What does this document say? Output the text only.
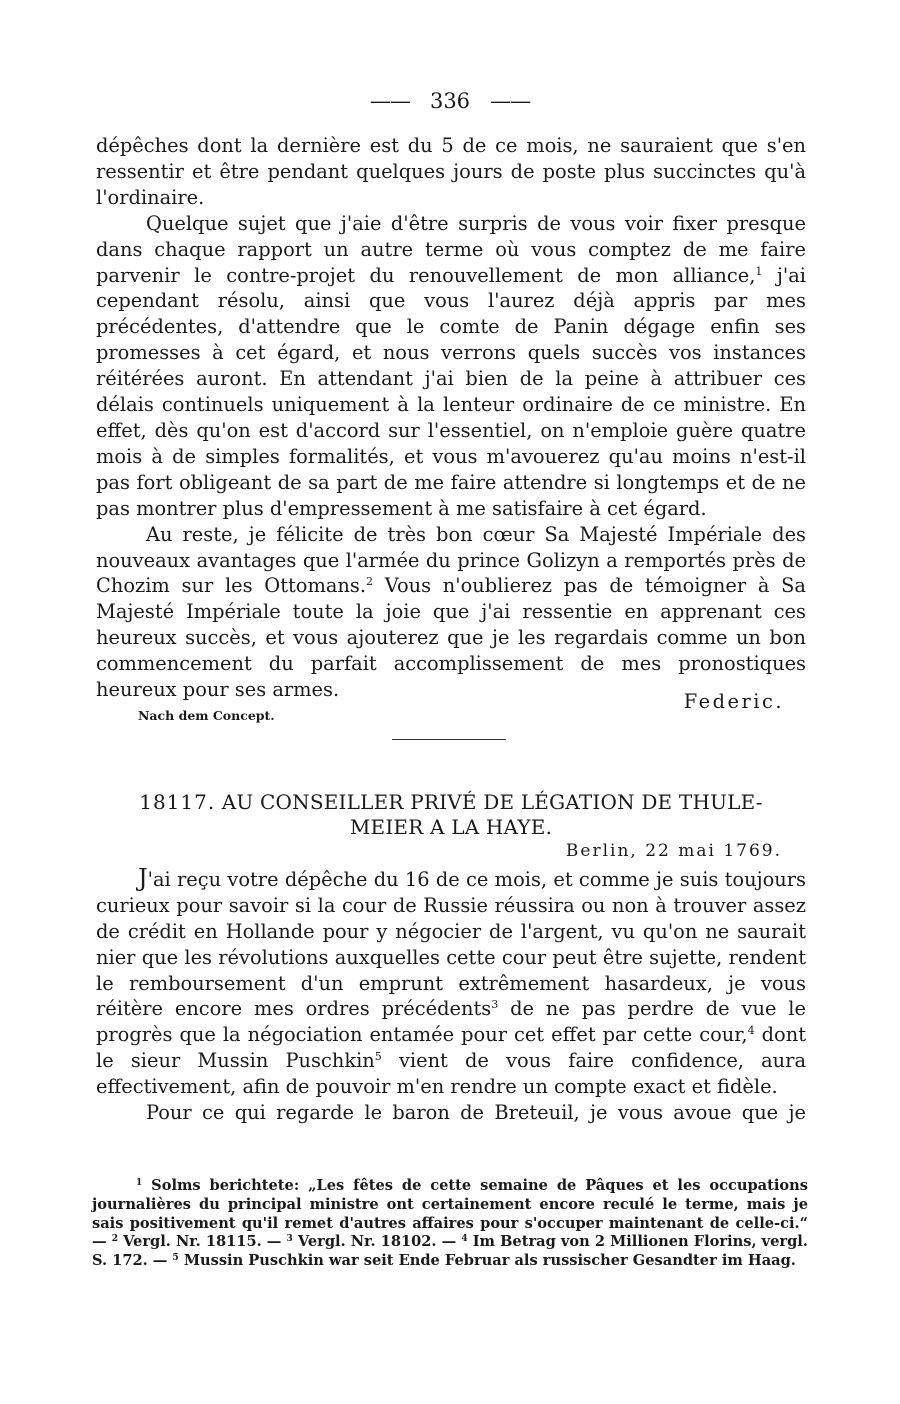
—— 336 ——

dépêches dont la dernière est du 5 de ce mois, ne sauraient que s'en ressentir et être pendant quelques jours de poste plus succinctes qu'à l'ordinaire.

Quelque sujet que j'aie d'être surpris de vous voir fixer presque dans chaque rapport un autre terme où vous comptez de me faire parvenir le contre-projet du renouvellement de mon alliance,$^1$ j'ai cependant résolu, ainsi que vous l'aurez déjà appris par mes précédentes, d'attendre que le comte de Panin dégage enfin ses promesses à cet égard, et nous verrons quels succès vos instances réitérées auront. En attendant j'ai bien de la peine à attribuer ces délais continuels uniquement à la lenteur ordinaire de ce ministre. En effet, dès qu'on est d'accord sur l'essentiel, on n'emploie guère quatre mois à de simples formalités, et vous m'avouerez qu'au moins n'est-il pas fort obligeant de sa part de me faire attendre si longtemps et de ne pas montrer plus d'empressement à me satisfaire à cet égard.

Au reste, je félicite de très bon cœur Sa Majesté Impériale des nouveaux avantages que l'armée du prince Golizyn a remportés près de Chozim sur les Ottomans.$^2$ Vous n'oublierez pas de témoigner à Sa Majesté Impériale toute la joie que j'ai ressentie en apprenant ces heureux succès, et vous ajouterez que je les regardais comme un bon commencement du parfait accomplissement de mes pronostiques heureux pour ses armes.

Federic.
Nach dem Concept.
18117. AU CONSEILLER PRIVÉ DE LÉGATION DE THULE-
MEIER A LA HAYE.
Berlin, 22 mai 1769.

J'ai reçu votre dépêche du 16 de ce mois, et comme je suis toujours curieux pour savoir si la cour de Russie réussira ou non à trouver assez de crédit en Hollande pour y négocier de l'argent, vu qu'on ne saurait nier que les révolutions auxquelles cette cour peut être sujette, rendent le remboursement d'un emprunt extrêmement hasardeux, je vous réitère encore mes ordres précédents$^3$ de ne pas perdre de vue le progrès que la négociation entamée pour cet effet par cette cour,$^4$ dont le sieur Mussin Puschkin$^5$ vient de vous faire confidence, aura effectivement, afin de pouvoir m'en rendre un compte exact et fidèle.

Pour ce qui regarde le baron de Breteuil, je vous avoue que je

$^1$ Solms berichtete: „Les fêtes de cette semaine de Pâques et les occupations journalières du principal ministre ont certainement encore reculé le terme, mais je sais positivement qu'il remet d'autres affaires pour s'occuper maintenant de celle-ci.“ — $^2$ Vergl. Nr. 18115. — $^3$ Vergl. Nr. 18102. — $^4$ Im Betrag von 2 Millionen Florins, vergl. S. 172. — $^5$ Mussin Puschkin war seit Ende Februar als russischer Gesandter im Haag.
